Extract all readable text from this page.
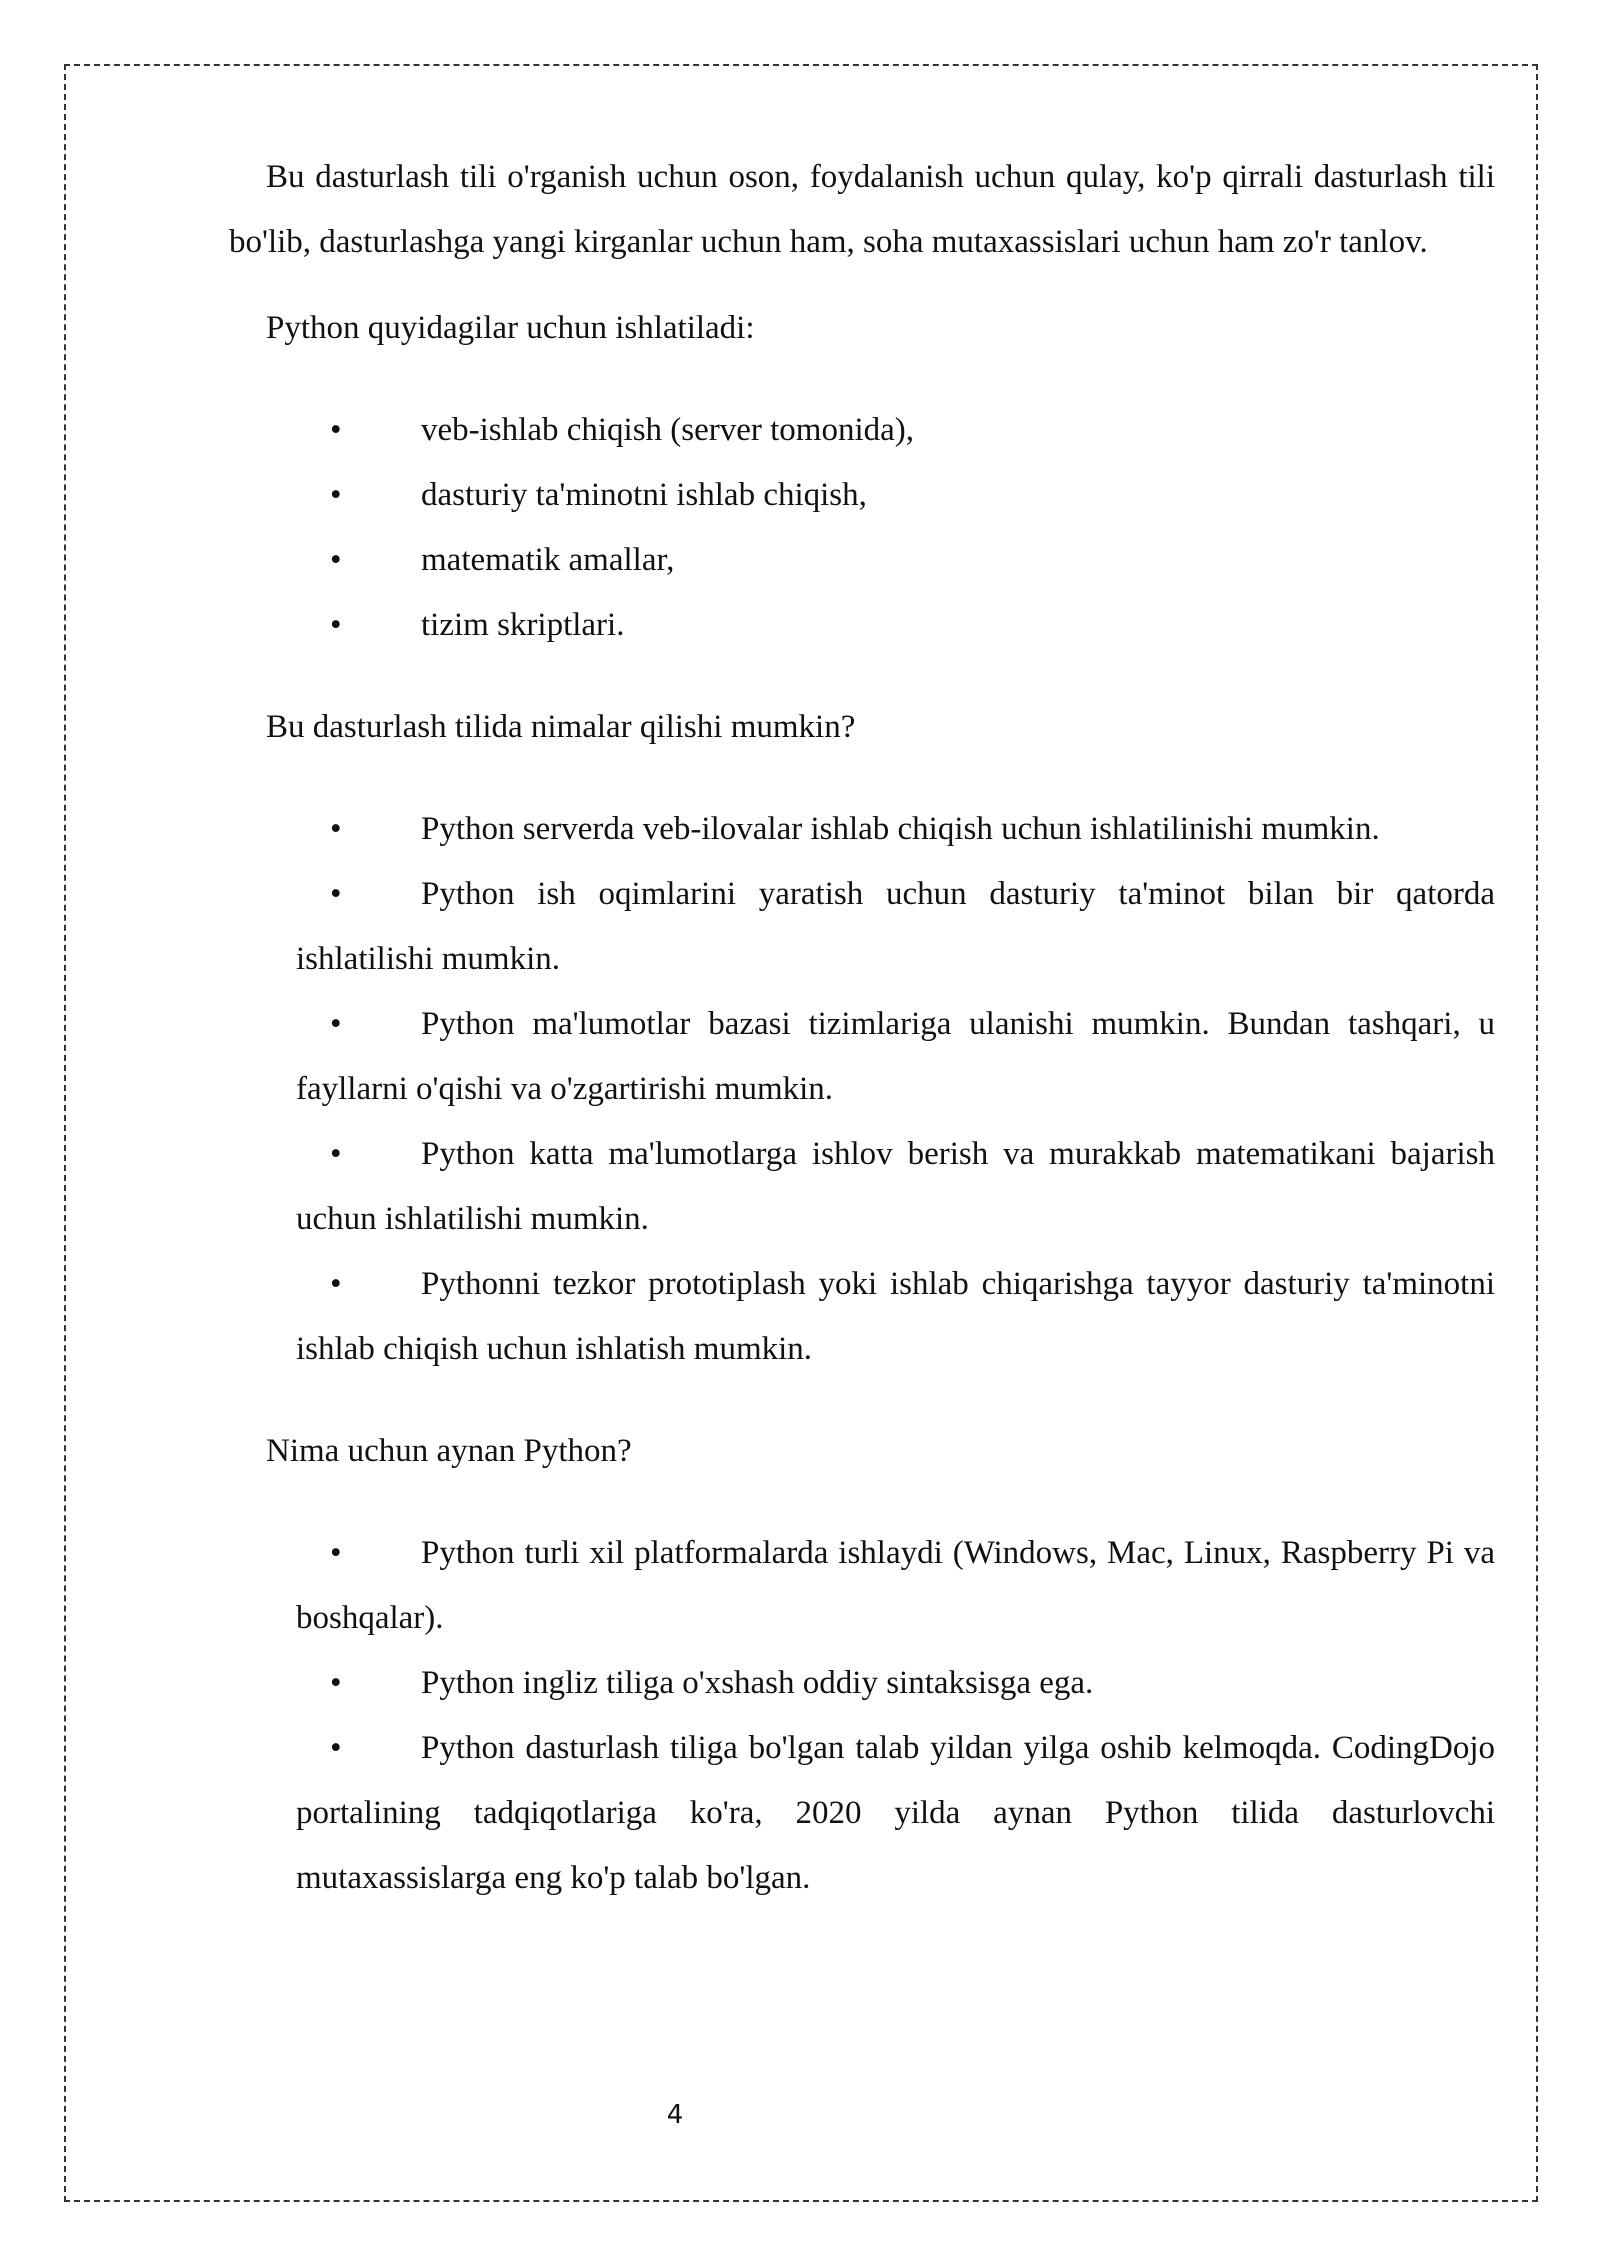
Bu dasturlash tili o'rganish uchun oson, foydalanish uchun qulay, ko'p qirrali dasturlash tili bo'lib, dasturlashga yangi kirganlar uchun ham, soha mutaxassislari uchun ham zo'r tanlov.

Python quyidagilar uchun ishlatiladi:

• veb-ishlab chiqish (server tomonida),
• dasturiy ta'minotni ishlab chiqish,
• matematik amallar,
• tizim skriptlari.

Bu dasturlash tilida nimalar qilishi mumkin?

• Python serverda veb-ilovalar ishlab chiqish uchun ishlatilinishi mumkin.
• Python ish oqimlarini yaratish uchun dasturiy ta'minot bilan bir qatorda ishlatilishi mumkin.
• Python ma'lumotlar bazasi tizimlariga ulanishi mumkin. Bundan tashqari, u fayllarni o'qishi va o'zgartirishi mumkin.
• Python katta ma'lumotlarga ishlov berish va murakkab matematikani bajarish uchun ishlatilishi mumkin.
• Pythonni tezkor prototiplash yoki ishlab chiqarishga tayyor dasturiy ta'minotni ishlab chiqish uchun ishlatish mumkin.

Nima uchun aynan Python?

• Python turli xil platformalarda ishlaydi (Windows, Mac, Linux, Raspberry Pi va boshqalar).
• Python ingliz tiliga o'xshash oddiy sintaksisga ega.
• Python dasturlash tiliga bo'lgan talab yildan yilga oshib kelmoqda. CodingDojo portalining tadqiqotlariga ko'ra, 2020 yilda aynan Python tilida dasturlovchi mutaxassislarga eng ko'p talab bo'lgan.
4
